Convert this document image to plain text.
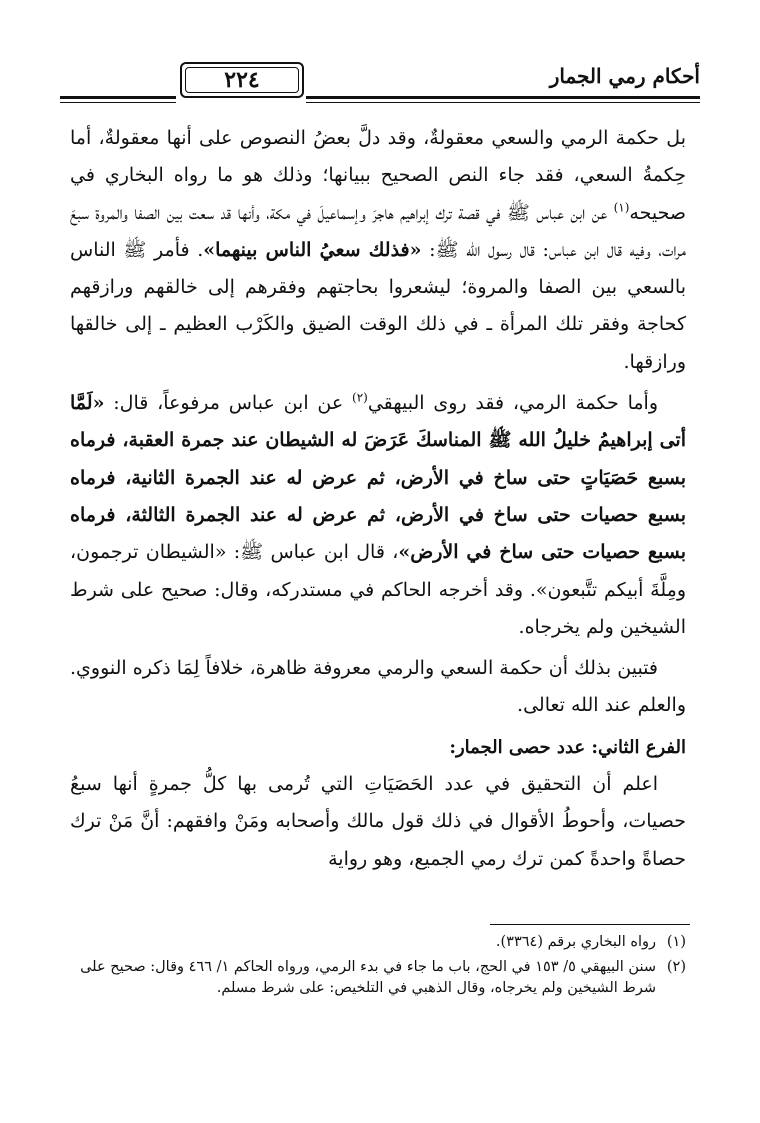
أحكام رمي الجمار
٢٢٤

بل حكمة الرمي والسعي معقولةٌ، وقد دلَّ بعضُ النصوص على أنها معقولةٌ، أما حِكمةُ السعي، فقد جاء النص الصحيح ببيانها؛ وذلك هو ما رواه البخاري في صحيحه$^{(١)}$ عن ابن عباس ﷺ في قصة ترك إبراهيم هاجرَ وإسماعيلَ في مكة، وأنها قد سعت بين الصفا والمروة سبعَ مرات، وفيه قال ابن عباس: قال رسول الله ﷺ: «فذلك سعيُ الناس بينهما». فأمر ﷺ الناس بالسعي بين الصفا والمروة؛ ليشعروا بحاجتهم وفقرهم إلى خالقهم ورازقهم كحاجة وفقر تلك المرأة ـ في ذلك الوقت الضيق والكَرْب العظيم ـ إلى خالقها ورازقها.

وأما حكمة الرمي، فقد روى البيهقي$^{(٢)}$ عن ابن عباس مرفوعاً، قال: «لَمَّا أتى إبراهيمُ خليلُ الله ﷺ المناسكَ عَرَضَ له الشيطان عند جمرة العقبة، فرماه بسبع حَصَيَاتٍ حتى ساخ في الأرض، ثم عرض له عند الجمرة الثانية، فرماه بسبع حصيات حتى ساخ في الأرض، ثم عرض له عند الجمرة الثالثة، فرماه بسبع حصيات حتى ساخ في الأرض»، قال ابن عباس ﷺ: «الشيطان ترجمون، ومِلَّةَ أبيكم تتَّبعون». وقد أخرجه الحاكم في مستدركه، وقال: صحيح على شرط الشيخين ولم يخرجاه.

فتبين بذلك أن حكمة السعي والرمي معروفة ظاهرة، خلافاً لِمَا ذكره النووي. والعلم عند الله تعالى.

الفرع الثاني: عدد حصى الجمار:

اعلم أن التحقيق في عدد الحَصَيَاتِ التي تُرمى بها كلُّ جمرةٍ أنها سبعُ حصيات، وأحوطُ الأقوال في ذلك قول مالك وأصحابه ومَنْ وافقهم: أنَّ مَنْ ترك حصاةً واحدةً كمن ترك رمي الجميع، وهو رواية

(١)
رواه البخاري برقم (٣٣٦٤).
(٢)
سنن البيهقي ٥/ ١٥٣ في الحج، باب ما جاء في بدء الرمي، ورواه الحاكم ١/ ٤٦٦ وقال: صحيح على شرط الشيخين ولم يخرجاه، وقال الذهبي في التلخيص: على شرط مسلم.
